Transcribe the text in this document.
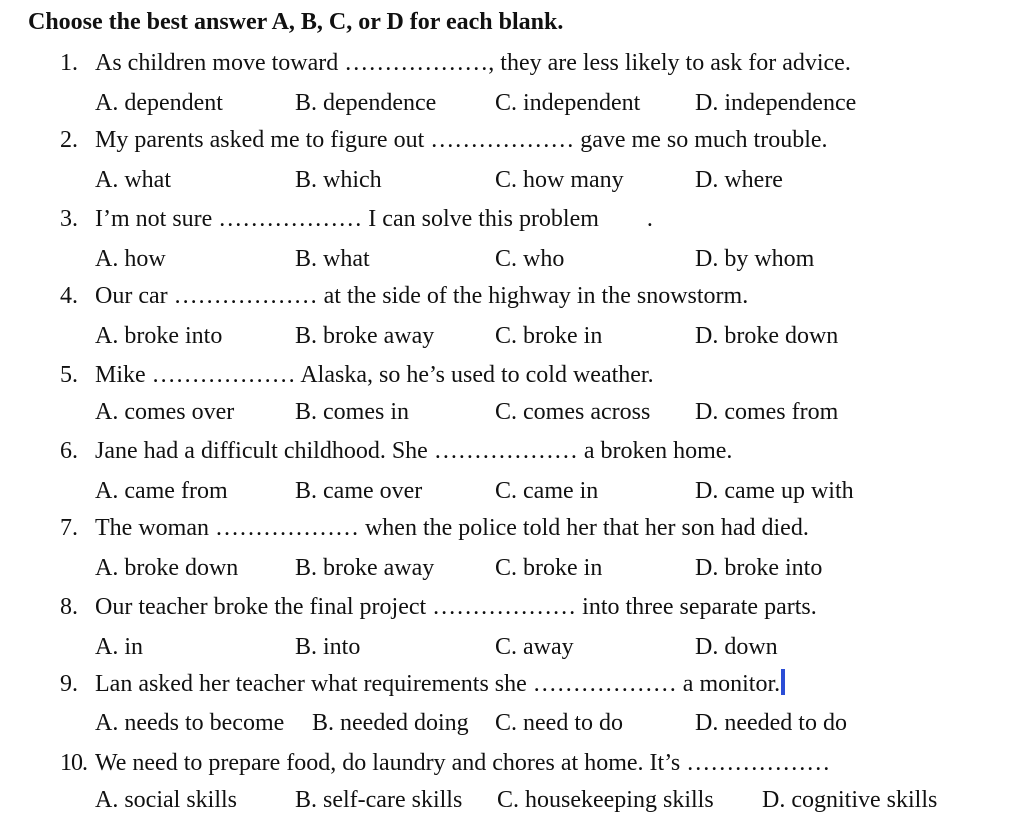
Choose the best answer A, B, C, or D for each blank.
1. As children move toward ………………, they are less likely to ask for advice.
A. dependent	B. dependence C. independent D. independence
2. My parents asked me to figure out ……………… gave me so much trouble.
A. what	B. which	C. how many	D. where
3. I’m not sure ……………… I can solve this problem        .
A. how	B. what	C. who	D. by whom
4. Our car ……………… at the side of the highway in the snowstorm.
A. broke into	B. broke away	C. broke in	D. broke down
5. Mike ……………… Alaska, so he’s used to cold weather.
A. comes over	B. comes in	C. comes across D. comes from
6. Jane had a difficult childhood. She ……………… a broken home.
A. came from	B. came over	C. came in	D. came up with
7. The woman ……………… when the police told her that her son had died.
A. broke down B. broke away	C. broke in	D. broke into
8. Our teacher broke the final project ……………… into three separate parts.
A. in	B. into	C. away	D. down
9. Lan asked her teacher what requirements she ……………… a monitor.
A. needs to become B. needed doing C. need to do	D. needed to do
10. We need to prepare food, do laundry and chores at home. It’s ………………
A. social skills B. self-care skills C. housekeeping skills D. cognitive skills
